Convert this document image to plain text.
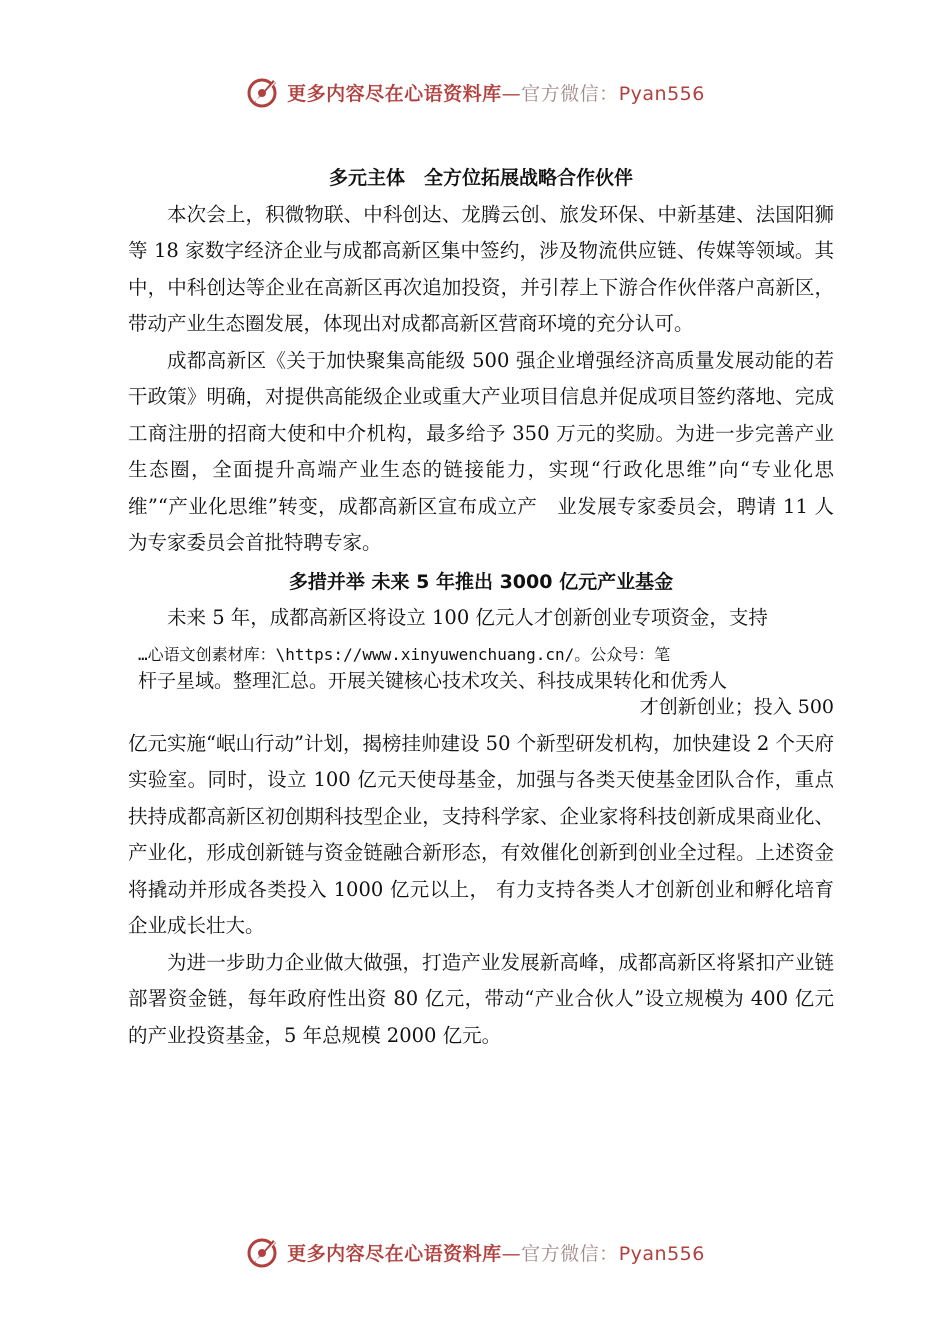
更多内容尽在心语资料库—官方微信：Pyan556
多元主体　全方位拓展战略合作伙伴

本次会上，积微物联、中科创达、龙腾云创、旅发环保、中新基建、法国阳狮等 18 家数字经济企业与成都高新区集中签约，涉及物流供应链、传媒等领域。其中，中科创达等企业在高新区再次追加投资，并引荐上下游合作伙伴落户高新区，带动产业生态圈发展，体现出对成都高新区营商环境的充分认可。

成都高新区《关于加快聚集高能级 500 强企业增强经济高质量发展动能的若干政策》明确，对提供高能级企业或重大产业项目信息并促成项目签约落地、完成工商注册的招商大使和中介机构，最多给予 350 万元的奖励。为进一步完善产业生态圈，全面提升高端产业生态的链接能力，实现“行政化思维”向“专业化思维”“产业化思维”转变，成都高新区宣布成立产　业发展专家委员会，聘请 11 人为专家委员会首批特聘专家。

多措并举 未来 5 年推出 3000 亿元产业基金

未来 5 年，成都高新区将设立 100 亿元人才创新创业专项资金，支持

…心语文创素材库：\https://www.xinyuwenchuang.cn/。公众号：笔
杆子星域。整理汇总。开展关键核心技术攻关、科技成果转化和优秀人
才创新创业；投入 500

亿元实施“岷山行动”计划，揭榜挂帅建设 50 个新型研发机构，加快建设 2 个天府实验室。同时，设立 100 亿元天使母基金，加强与各类天使基金团队合作，重点扶持成都高新区初创期科技型企业，支持科学家、企业家将科技创新成果商业化、产业化，形成创新链与资金链融合新形态，有效催化创新到创业全过程。上述资金将撬动并形成各类投入 1000 亿元以上， 有力支持各类人才创新创业和孵化培育企业成长壮大。

为进一步助力企业做大做强，打造产业发展新高峰，成都高新区将紧扣产业链部署资金链，每年政府性出资 80 亿元，带动“产业合伙人”设立规模为 400 亿元的产业投资基金，5 年总规模 2000 亿元。

更多内容尽在心语资料库—官方微信：Pyan556
